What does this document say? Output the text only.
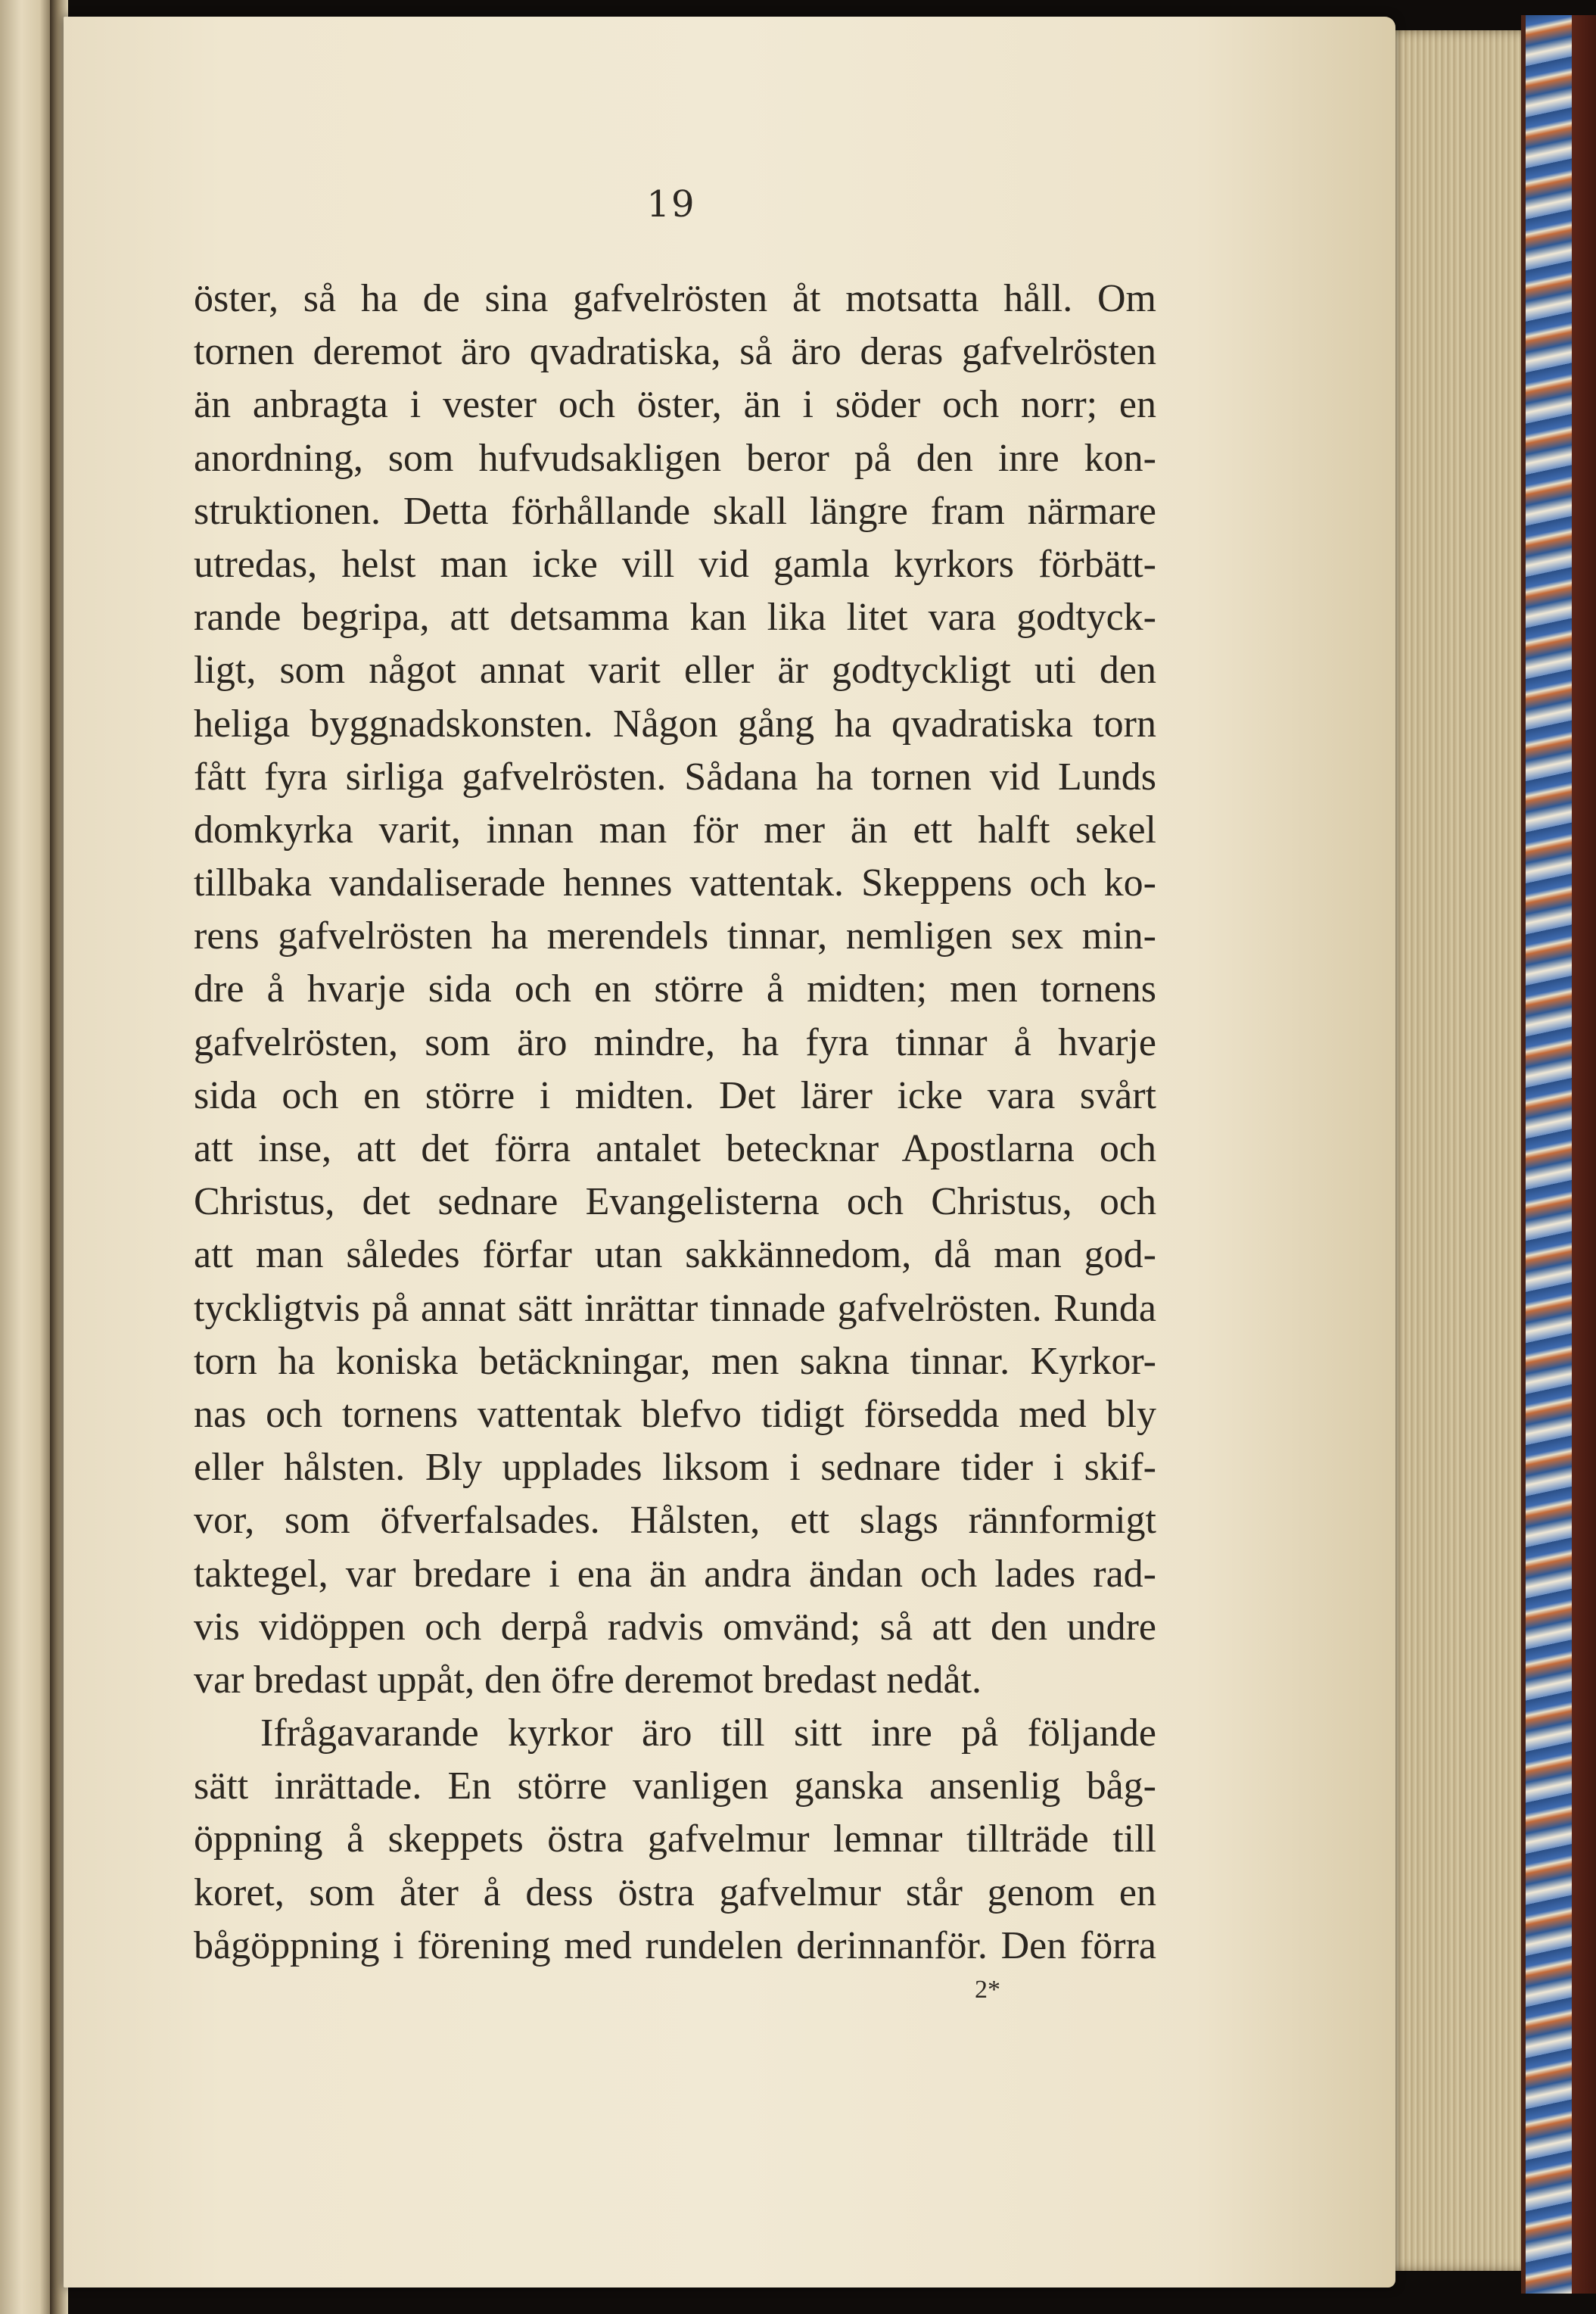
19
öster, så ha de sina gafvelrösten åt motsatta håll. Om
tornen deremot äro qvadratiska, så äro deras gafvelrösten
än anbragta i vester och öster, än i söder och norr; en
anordning, som hufvudsakligen beror på den inre kon-
struktionen. Detta förhållande skall längre fram närmare
utredas, helst man icke vill vid gamla kyrkors förbätt-
rande begripa, att detsamma kan lika litet vara godtyck-
ligt, som något annat varit eller är godtyckligt uti den
heliga byggnadskonsten. Någon gång ha qvadratiska torn
fått fyra sirliga gafvelrösten. Sådana ha tornen vid Lunds
domkyrka varit, innan man för mer än ett halft sekel
tillbaka vandaliserade hennes vattentak. Skeppens och ko-
rens gafvelrösten ha merendels tinnar, nemligen sex min-
dre å hvarje sida och en större å midten; men tornens
gafvelrösten, som äro mindre, ha fyra tinnar å hvarje
sida och en större i midten. Det lärer icke vara svårt
att inse, att det förra antalet betecknar Apostlarna och
Christus, det sednare Evangelisterna och Christus, och
att man således förfar utan sakkännedom, då man god-
tyckligtvis på annat sätt inrättar tinnade gafvelrösten. Runda
torn ha koniska betäckningar, men sakna tinnar. Kyrkor-
nas och tornens vattentak blefvo tidigt försedda med bly
eller hålsten. Bly upplades liksom i sednare tider i skif-
vor, som öfverfalsades. Hålsten, ett slags rännformigt
taktegel, var bredare i ena än andra ändan och lades rad-
vis vidöppen och derpå radvis omvänd; så att den undre
var bredast uppåt, den öfre deremot bredast nedåt.
Ifrågavarande kyrkor äro till sitt inre på följande
sätt inrättade. En större vanligen ganska ansenlig båg-
öppning å skeppets östra gafvelmur lemnar tillträde till
koret, som åter å dess östra gafvelmur står genom en
bågöppning i förening med rundelen derinnanför. Den förra
2*
